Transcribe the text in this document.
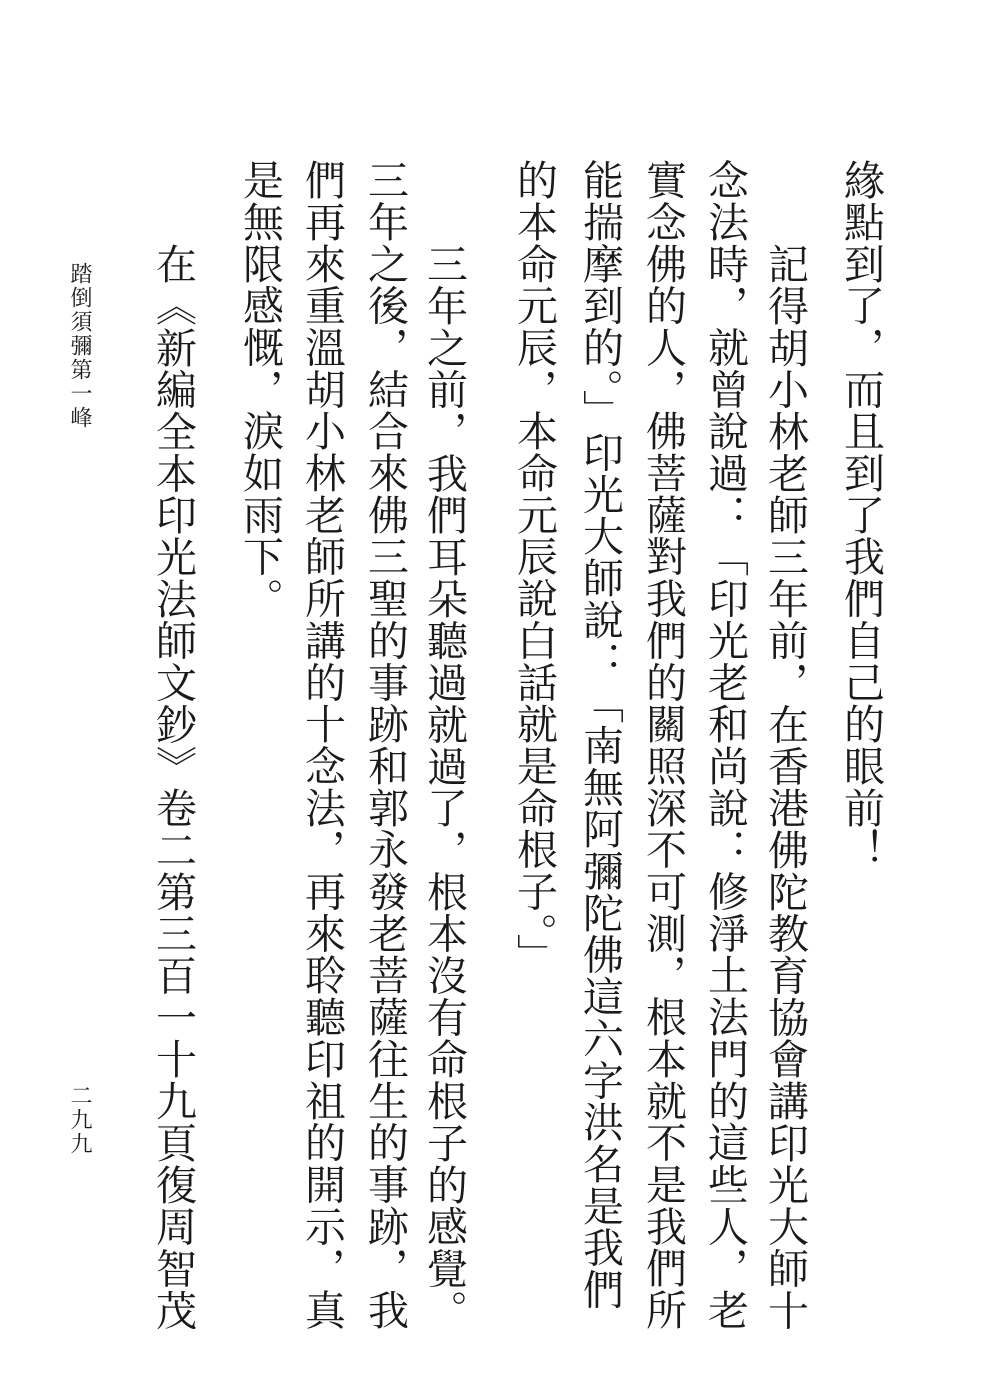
緣點到了，而且到了我們自己的眼前！
記得胡小林老師三年前，在香港佛陀教育協會講印光大師十
念法時，就曾說過：「印光老和尚說：修淨土法門的這些人，老
實念佛的人，佛菩薩對我們的關照深不可測，根本就不是我們所
能揣摩到的。」印光大師說：「南無阿彌陀佛這六字洪名是我們
的本命元辰，本命元辰說白話就是命根子。」
三年之前，我們耳朵聽過就過了，根本沒有命根子的感覺。
三年之後，結合來佛三聖的事跡和郭永發老菩薩往生的事跡，我
們再來重溫胡小林老師所講的十念法，再來聆聽印祖的開示，真
是無限感慨，淚如雨下。
在《新編全本印光法師文鈔》卷二第三百一十九頁復周智茂
踏倒須彌第一峰
二九九
